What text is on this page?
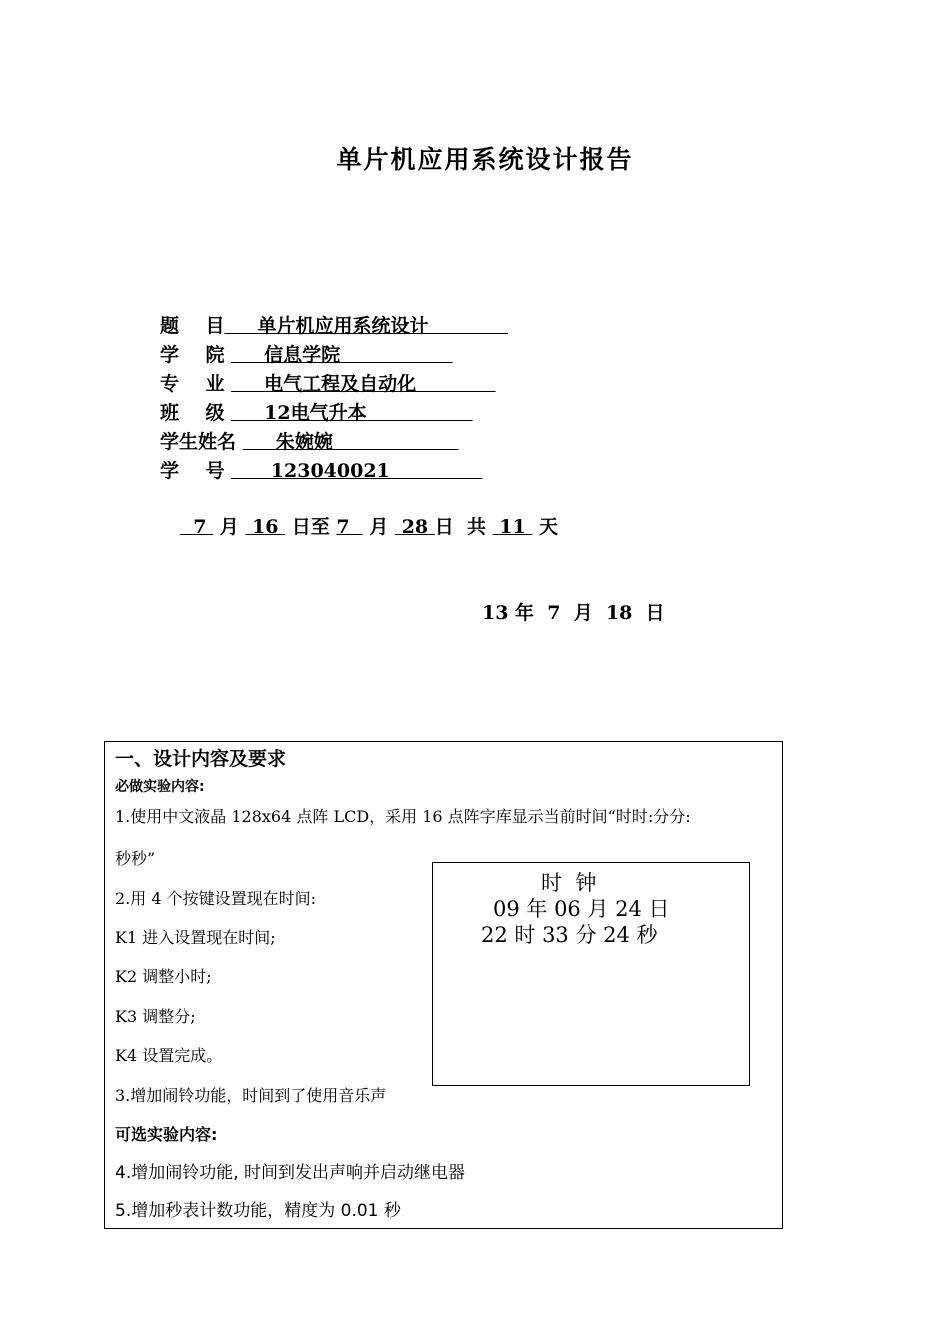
单片机应用系统设计报告
题    目     单片机应用系统设计
学    院      信息学院
专    业      电气工程及自动化
班    级      12电气升本
学生姓名      朱婉婉
学    号       123040021
7 月 16 日至 7 月 28 日 共 11 天
13 年  7  月  18  日
一、设计内容及要求
必做实验内容:
1.使用中文液晶 128x64 点阵 LCD，采用 16 点阵字库显示当前时间“时时:分分:
秒秒”
2.用 4 个按键设置现在时间:
K1 进入设置现在时间;
K2 调整小时;
K3 调整分;
K4 设置完成。
3.增加闹铃功能，时间到了使用音乐声
可选实验内容:
4.增加闹铃功能, 时间到发出声响并启动继电器
5.增加秒表计数功能，精度为 0.01 秒
时  钟
09 年 06 月 24 日
22 时 33 分 24 秒
